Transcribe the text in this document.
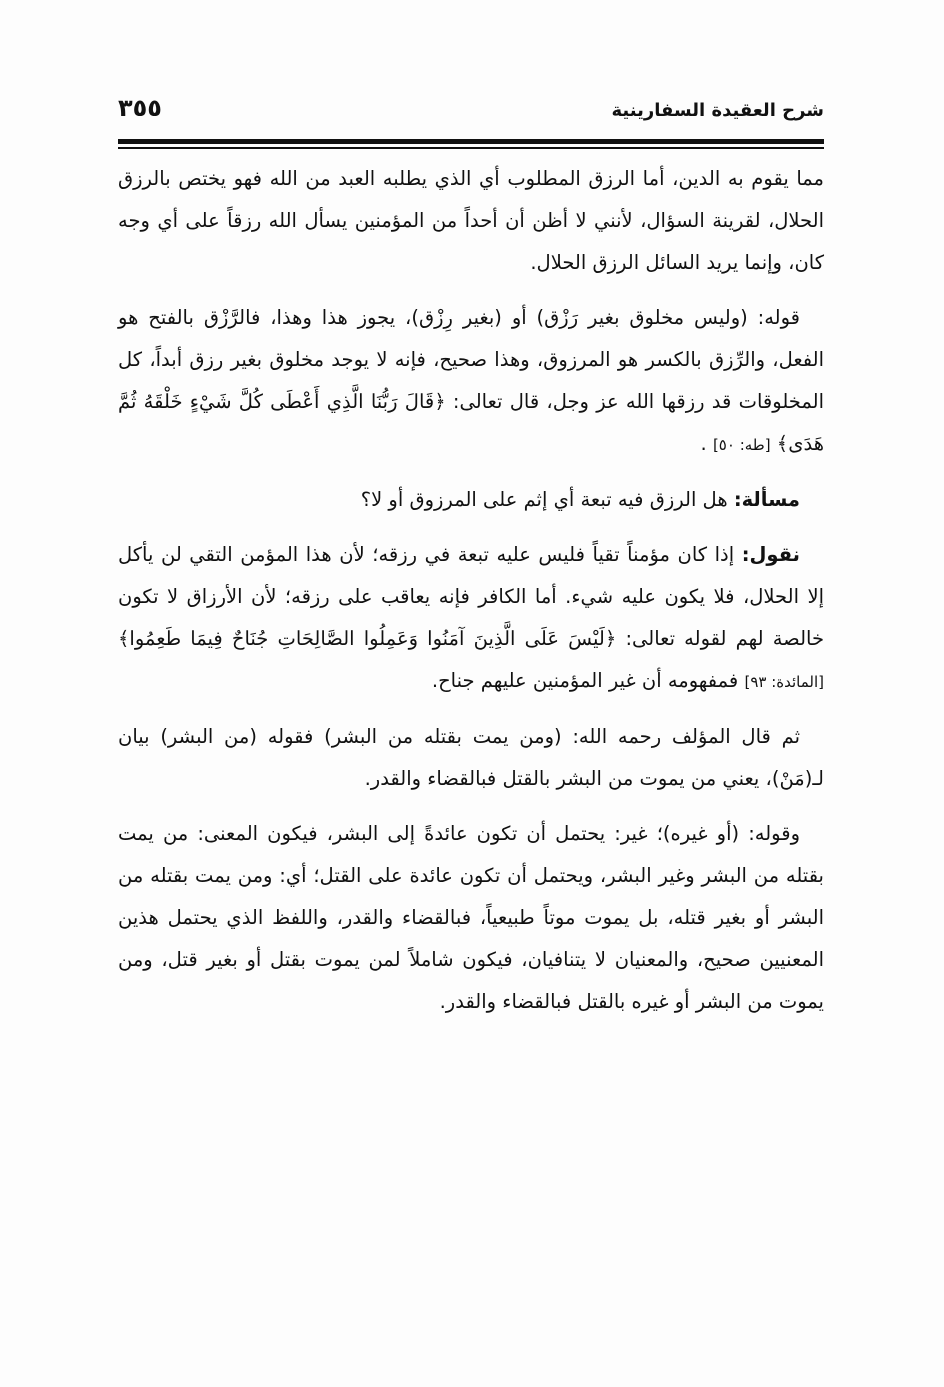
شرح العقيدة السفارينية
٣٥٥

مما يقوم به الدين، أما الرزق المطلوب أي الذي يطلبه العبد من الله فهو يختص بالرزق الحلال، لقرينة السؤال، لأنني لا أظن أن أحداً من المؤمنين يسأل الله رزقاً على أي وجه كان، وإنما يريد السائل الرزق الحلال.

قوله: (وليس مخلوق بغير رَزْق) أو (بغير رِزْق)، يجوز هذا وهذا، فالرَّزْق بالفتح هو الفعل، والرِّزق بالكسر هو المرزوق، وهذا صحيح، فإنه لا يوجد مخلوق بغير رزق أبداً، كل المخلوقات قد رزقها الله عز وجل، قال تعالى: ﴿قَالَ رَبُّنَا الَّذِي أَعْطَى كُلَّ شَيْءٍ خَلْقَهُ ثُمَّ هَدَى﴾ [طه: ٥٠] .

مسألة: هل الرزق فيه تبعة أي إثم على المرزوق أو لا؟

نقول: إذا كان مؤمناً تقياً فليس عليه تبعة في رزقه؛ لأن هذا المؤمن التقي لن يأكل إلا الحلال، فلا يكون عليه شيء. أما الكافر فإنه يعاقب على رزقه؛ لأن الأرزاق لا تكون خالصة لهم لقوله تعالى: ﴿لَيْسَ عَلَى الَّذِينَ آمَنُوا وَعَمِلُوا الصَّالِحَاتِ جُنَاحٌ فِيمَا طَعِمُوا﴾ [المائدة: ٩٣] فمفهومه أن غير المؤمنين عليهم جناح.

ثم قال المؤلف رحمه الله: (ومن يمت بقتله من البشر) فقوله (من البشر) بيان لـ(مَنْ)، يعني من يموت من البشر بالقتل فبالقضاء والقدر.

وقوله: (أو غيره)؛ غير: يحتمل أن تكون عائدةً إلى البشر، فيكون المعنى: من يمت بقتله من البشر وغير البشر، ويحتمل أن تكون عائدة على القتل؛ أي: ومن يمت بقتله من البشر أو بغير قتله، بل يموت موتاً طبيعياً، فبالقضاء والقدر، واللفظ الذي يحتمل هذين المعنيين صحيح، والمعنيان لا يتنافيان، فيكون شاملاً لمن يموت بقتل أو بغير قتل، ومن يموت من البشر أو غيره بالقتل فبالقضاء والقدر.
